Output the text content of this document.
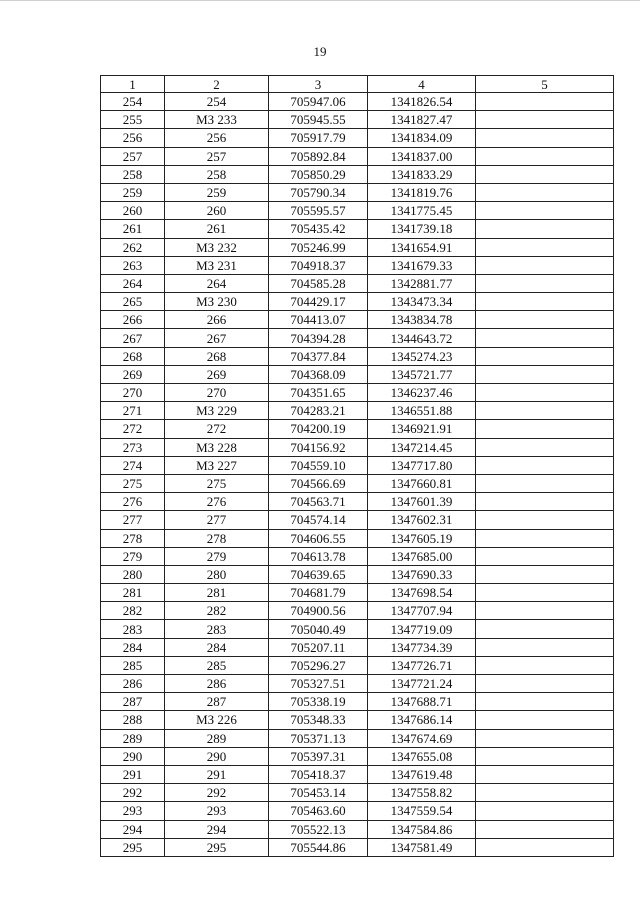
19
1	2	3	4	5
254	254	705947.06	1341826.54	
255	МЗ 233	705945.55	1341827.47	
256	256	705917.79	1341834.09	
257	257	705892.84	1341837.00	
258	258	705850.29	1341833.29	
259	259	705790.34	1341819.76	
260	260	705595.57	1341775.45	
261	261	705435.42	1341739.18	
262	МЗ 232	705246.99	1341654.91	
263	МЗ 231	704918.37	1341679.33	
264	264	704585.28	1342881.77	
265	МЗ 230	704429.17	1343473.34	
266	266	704413.07	1343834.78	
267	267	704394.28	1344643.72	
268	268	704377.84	1345274.23	
269	269	704368.09	1345721.77	
270	270	704351.65	1346237.46	
271	МЗ 229	704283.21	1346551.88	
272	272	704200.19	1346921.91	
273	МЗ 228	704156.92	1347214.45	
274	МЗ 227	704559.10	1347717.80	
275	275	704566.69	1347660.81	
276	276	704563.71	1347601.39	
277	277	704574.14	1347602.31	
278	278	704606.55	1347605.19	
279	279	704613.78	1347685.00	
280	280	704639.65	1347690.33	
281	281	704681.79	1347698.54	
282	282	704900.56	1347707.94	
283	283	705040.49	1347719.09	
284	284	705207.11	1347734.39	
285	285	705296.27	1347726.71	
286	286	705327.51	1347721.24	
287	287	705338.19	1347688.71	
288	МЗ 226	705348.33	1347686.14	
289	289	705371.13	1347674.69	
290	290	705397.31	1347655.08	
291	291	705418.37	1347619.48	
292	292	705453.14	1347558.82	
293	293	705463.60	1347559.54	
294	294	705522.13	1347584.86	
295	295	705544.86	1347581.49	
